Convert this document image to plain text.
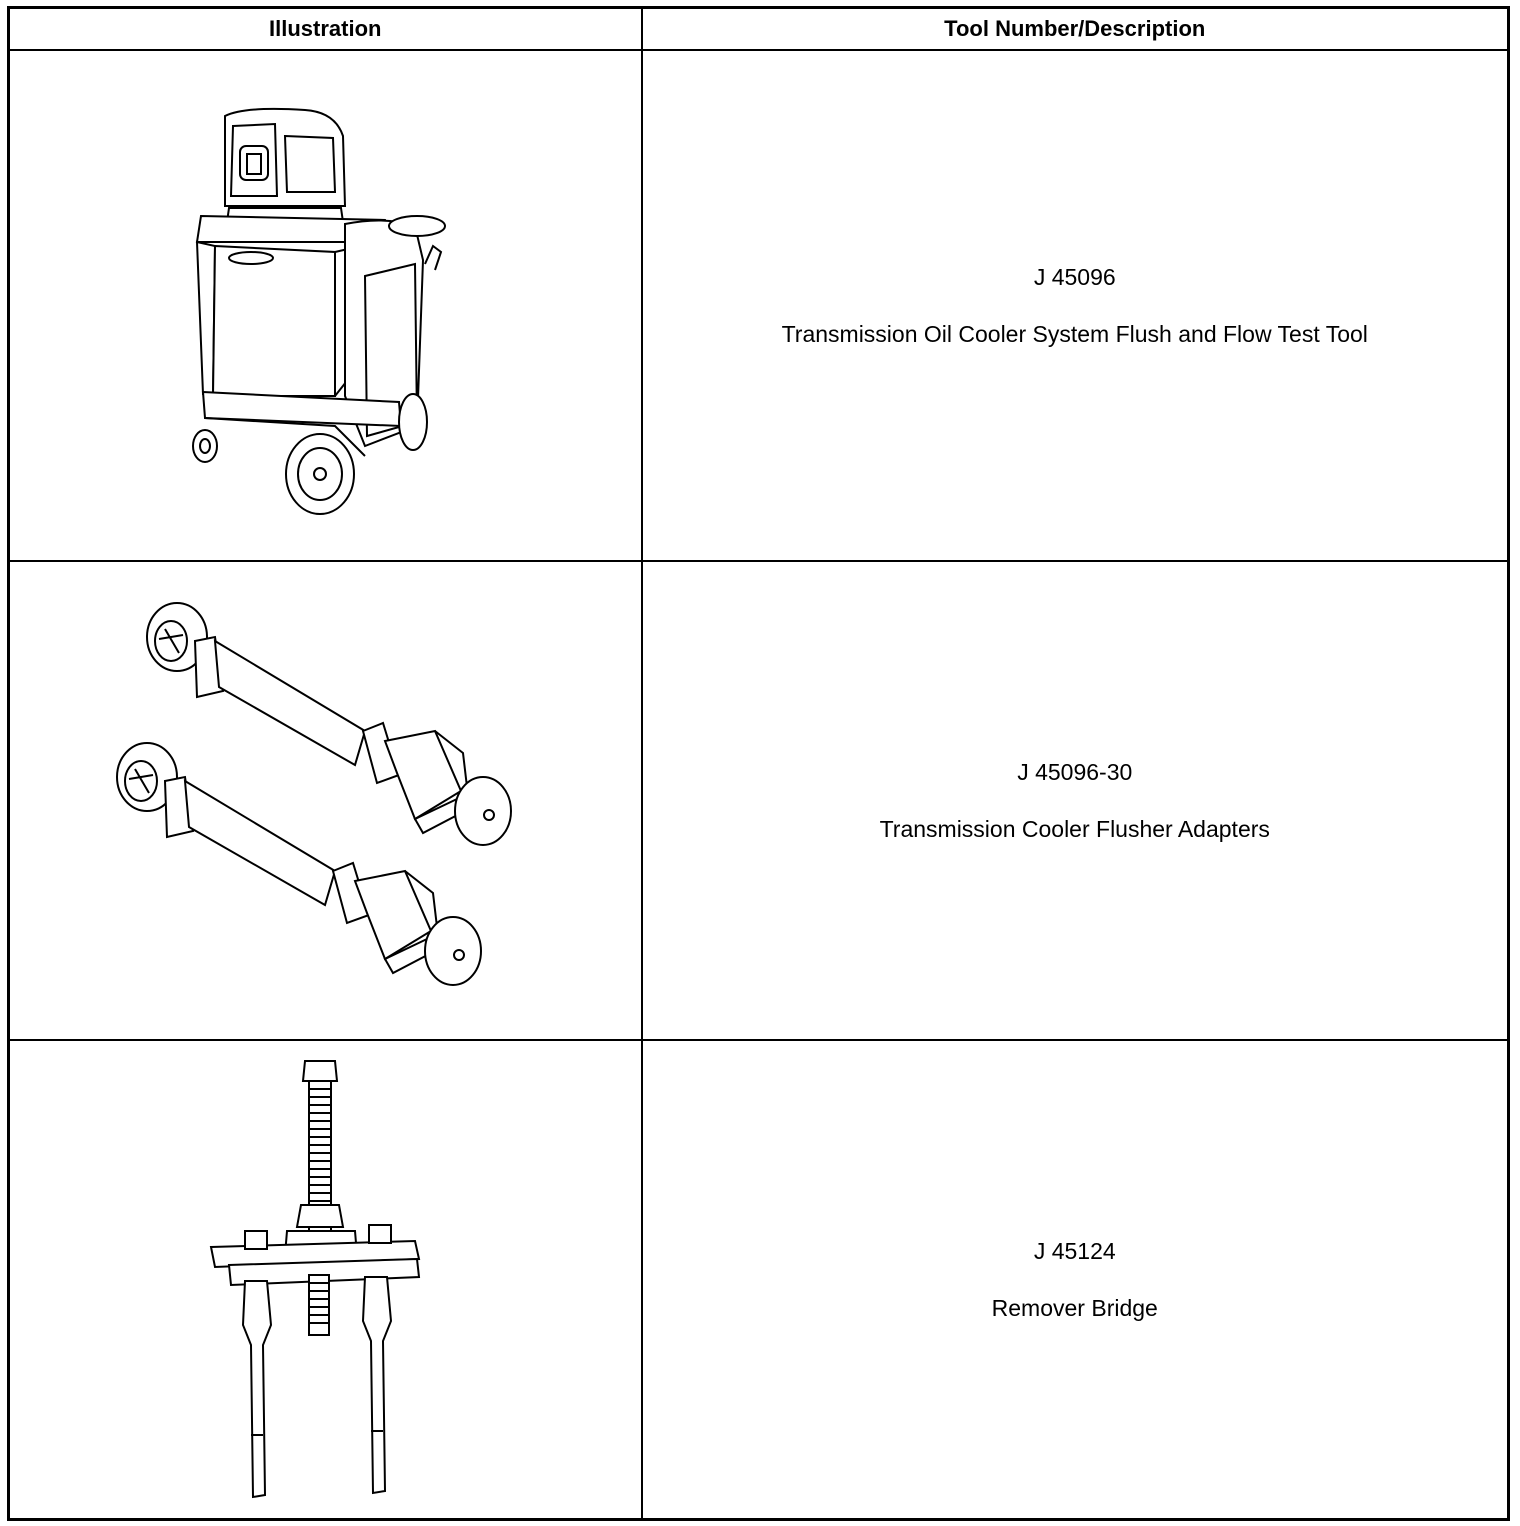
Illustration	Tool Number/Description

J 45096
Transmission Oil Cooler System Flush and Flow Test Tool

J 45096-30
Transmission Cooler Flusher Adapters

J 45124
Remover Bridge
